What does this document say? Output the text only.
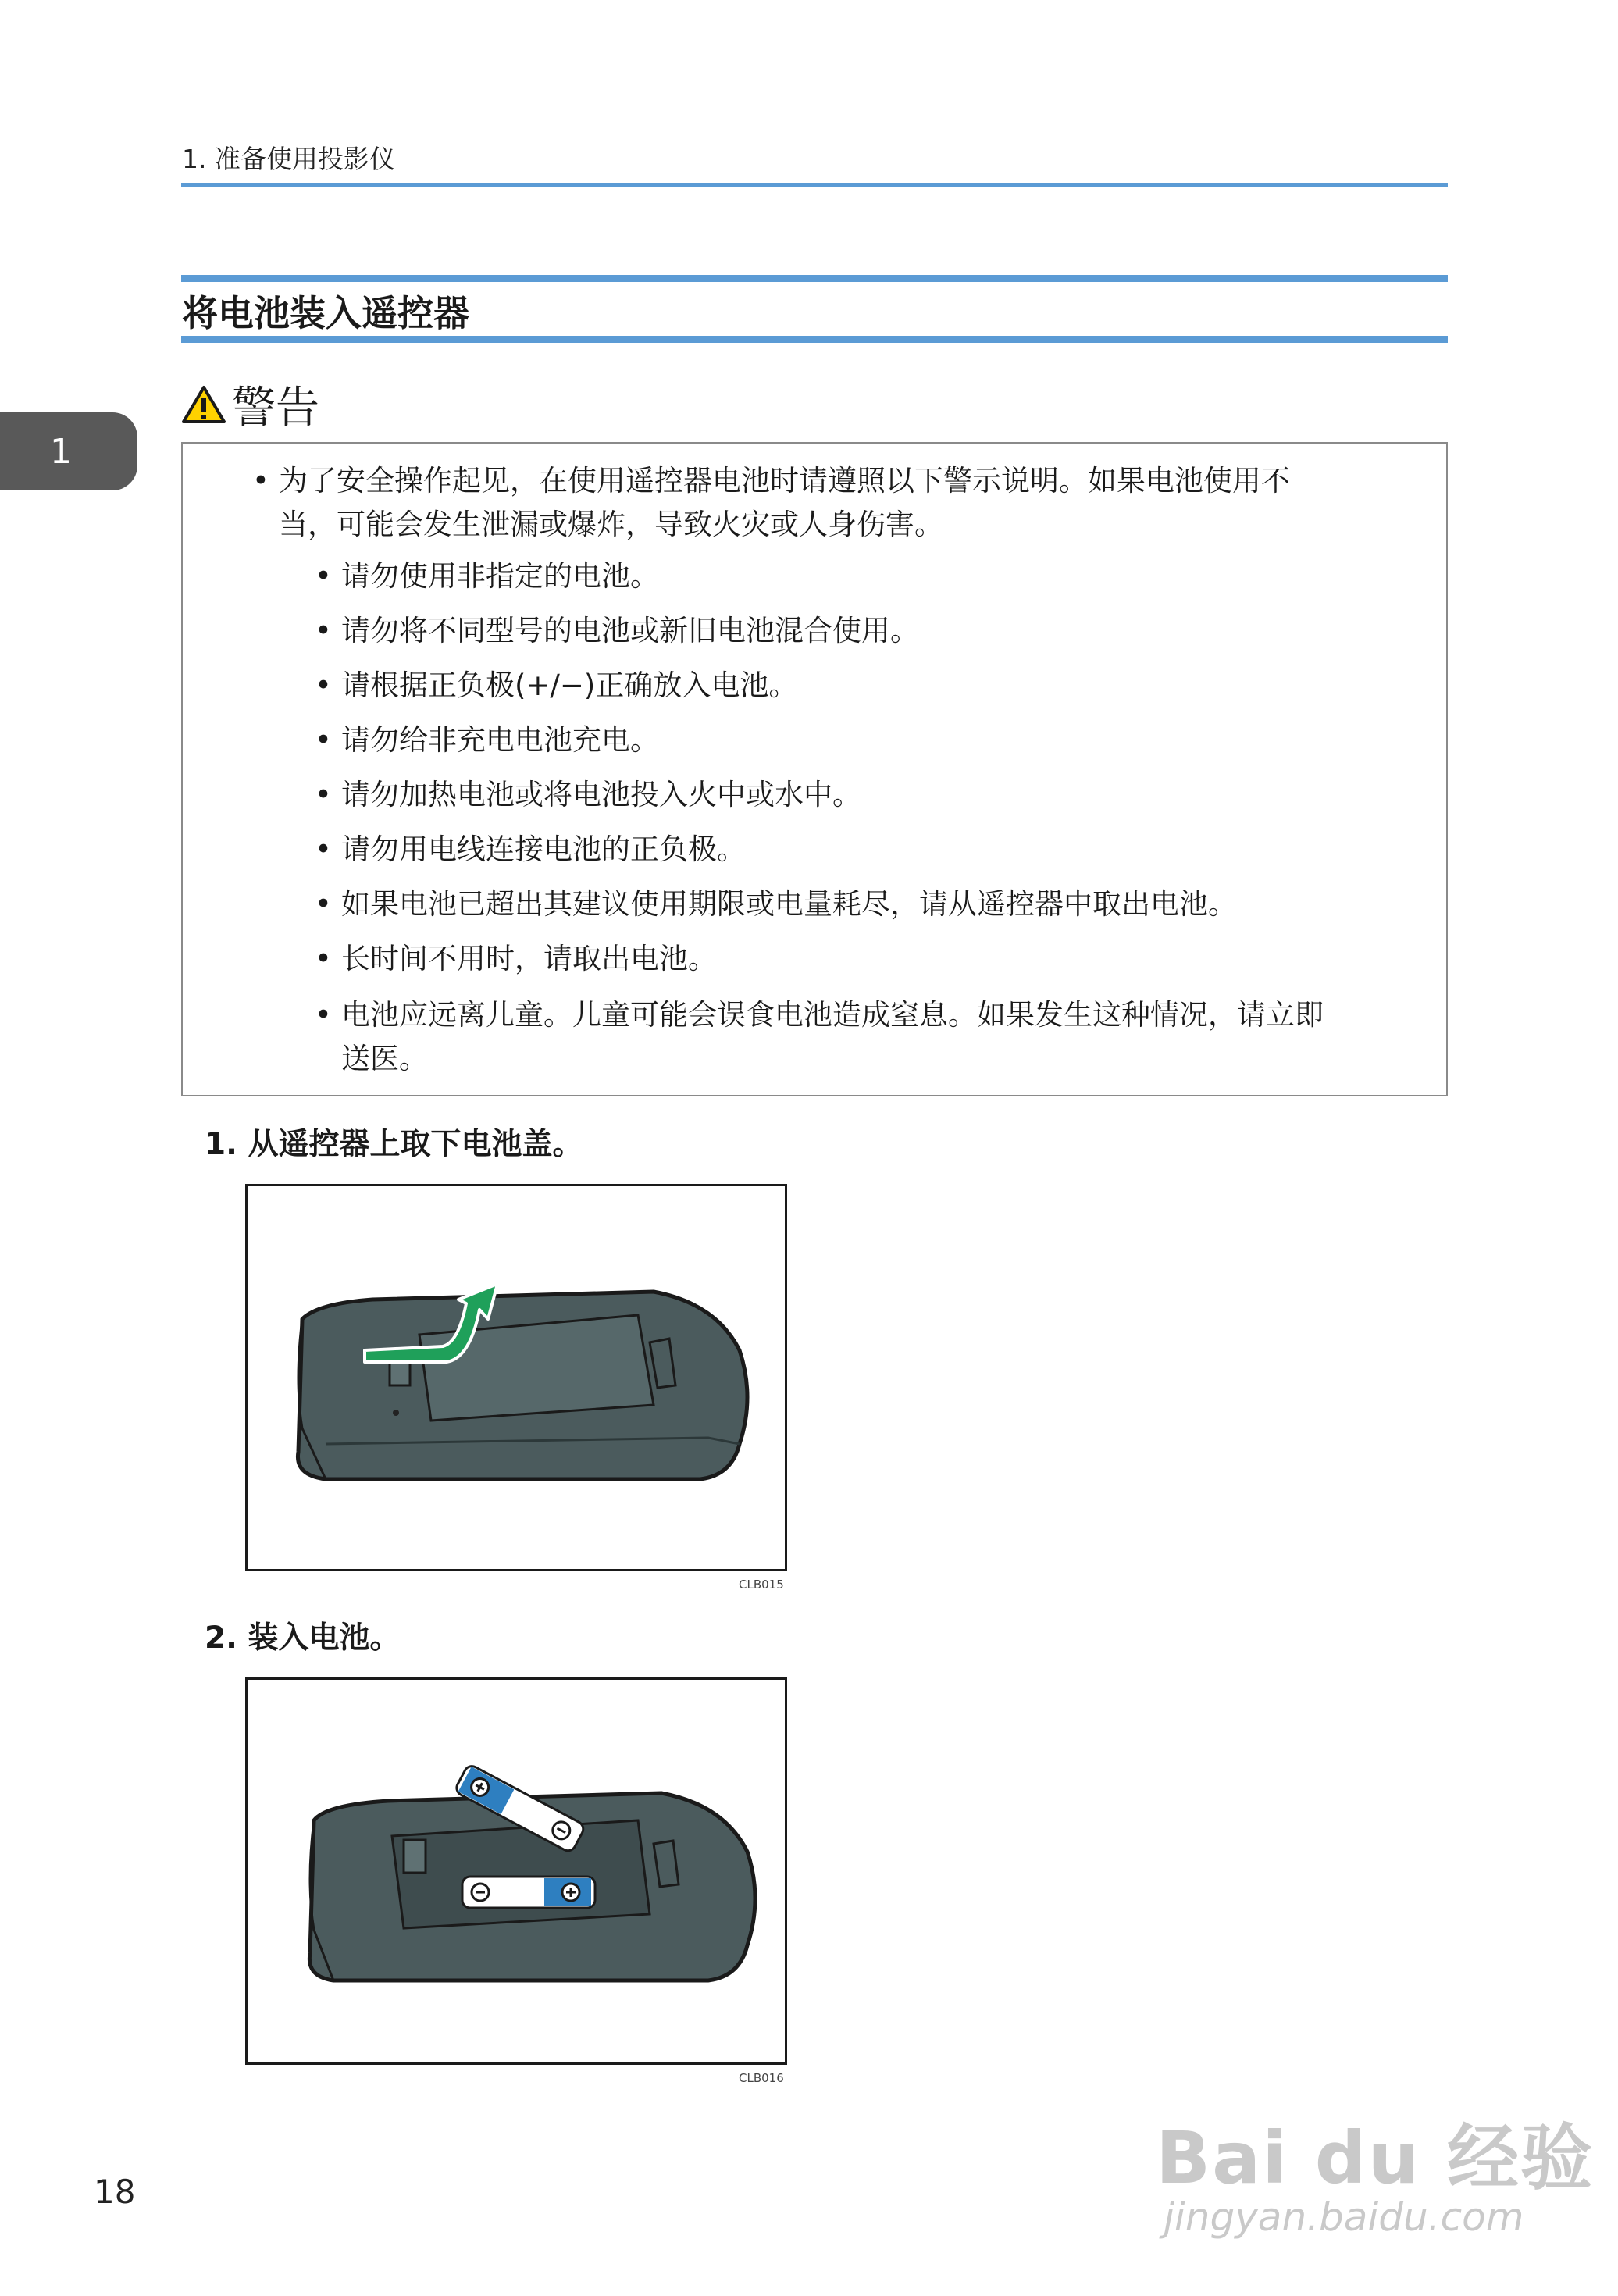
1. 准备使用投影仪
1
将电池装入遥控器
警告
• 为了安全操作起见，在使用遥控器电池时请遵照以下警示说明。如果电池使用不
当，可能会发生泄漏或爆炸，导致火灾或人身伤害。
• 请勿使用非指定的电池。
• 请勿将不同型号的电池或新旧电池混合使用。
• 请根据正负极(+/−)正确放入电池。
• 请勿给非充电电池充电。
• 请勿加热电池或将电池投入火中或水中。
• 请勿用电线连接电池的正负极。
• 如果电池已超出其建议使用期限或电量耗尽，请从遥控器中取出电池。
• 长时间不用时，请取出电池。
• 电池应远离儿童。儿童可能会误食电池造成窒息。如果发生这种情况，请立即
送医。
1. 从遥控器上取下电池盖。
CLB015
2. 装入电池。
CLB016
18	Bai du 经验
jingyan.baidu.com
